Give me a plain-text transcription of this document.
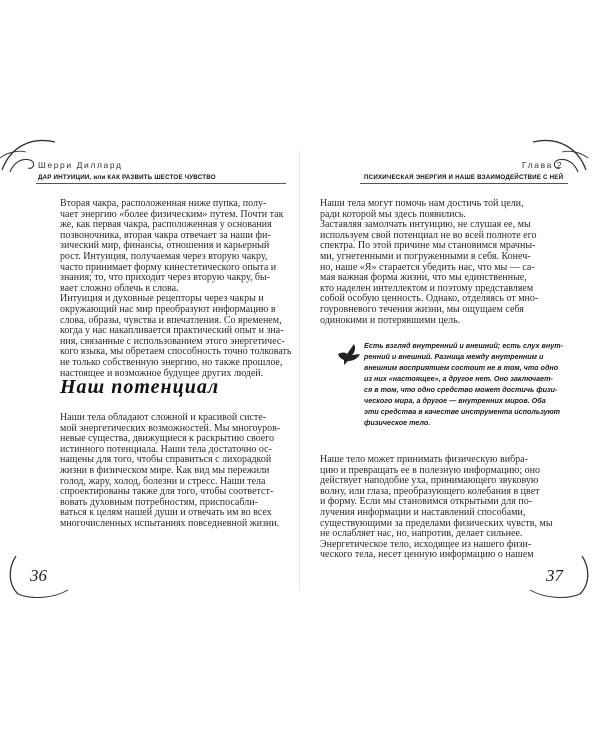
Шерри Диллард
ДАР ИНТУИЦИИ, или КАК РАЗВИТЬ ШЕСТОЕ ЧУВСТВО
Вторая чакра, расположенная ниже пупка, полу-
чает энергию «более физическим» путем. Почти так
же, как первая чакра, расположенная у основания
позвоночника, вторая чакра отвечает за наши фи-
зический мир, финансы, отношения и карьерный
рост. Интуиция, получаемая через вторую чакру,
часто принимает форму кинестетического опыта и
знания; то, что приходит через вторую чакру, бы-
вает сложно облечь в слова.
Интуиция и духовные рецепторы через чакры и
окружающий нас мир преобразуют информацию в
слова, образы, чувства и впечатления. Со временем,
когда у нас накапливается практический опыт и зна-
ния, связанные с использованием этого энергетичес-
кого языка, мы обретаем способность точно толковать
не только собственную энергию, но также прошлое,
настоящее и возможное будущее других людей.
Наш потенциал
Наши тела обладают сложной и красивой систе-
мой энергетических возможностей. Мы многоуров-
невые существа, движущиеся к раскрытию своего
истинного потенциала. Наши тела достаточно ос-
нащены для того, чтобы справиться с лихорадкой
жизни в физическом мире. Как вид мы пережили
голод, жару, холод, болезни и стресс. Наши тела
спроектированы также для того, чтобы соответст-
вовать духовным потребностям, приспосабли-
ваться к целям нашей души и отвечать им во всех
многочисленных испытаниях повседневной жизни.
36
Глава 2
ПСИХИЧЕСКАЯ ЭНЕРГИЯ И НАШЕ ВЗАИМОДЕЙСТВИЕ С НЕЙ
Наши тела могут помочь нам достичь той цели,
ради которой мы здесь появились.
Заставляя замолчать интуицию, не слушая ее, мы
используем свой потенциал не во всей полноте его
спектра. По этой причине мы становимся мрачны-
ми, угнетенными и погруженными в себя. Конеч-
но, наше «Я» старается убедить нас, что мы — са-
мая важная форма жизни, что мы единственные,
кто наделен интеллектом и поэтому представляем
собой особую ценность. Однако, отделяясь от мно-
гоуровневого течения жизни, мы ощущаем себя
одинокими и потерявшими цель.
Есть взгляд внутренний и внешний; есть слух внут-
ренний и внешний. Разница между внутренним и
внешним восприятием состоит не в том, что одно
из них «настоящее», а другое нет. Оно заключает-
ся в том, что одно средство может достичь физи-
ческого мира, а другое — внутренних миров. Оба
эти средства в качестве инструмента используют
физическое тело.
Наше тело может принимать физическую вибра-
цию и превращать ее в полезную информацию; оно
действует наподобие уха, принимающего звуковую
волну, или глаза, преобразующего колебания в цвет
и форму. Если мы становимся открытыми для по-
лучения информации и наставлений способами,
существующими за пределами физических чувств, мы
не ослабляет нас, но, напротив, делает сильнее.
Энергетическое тело, исходящее из нашего физи-
ческого тела, несет ценную информацию о нашем
37
